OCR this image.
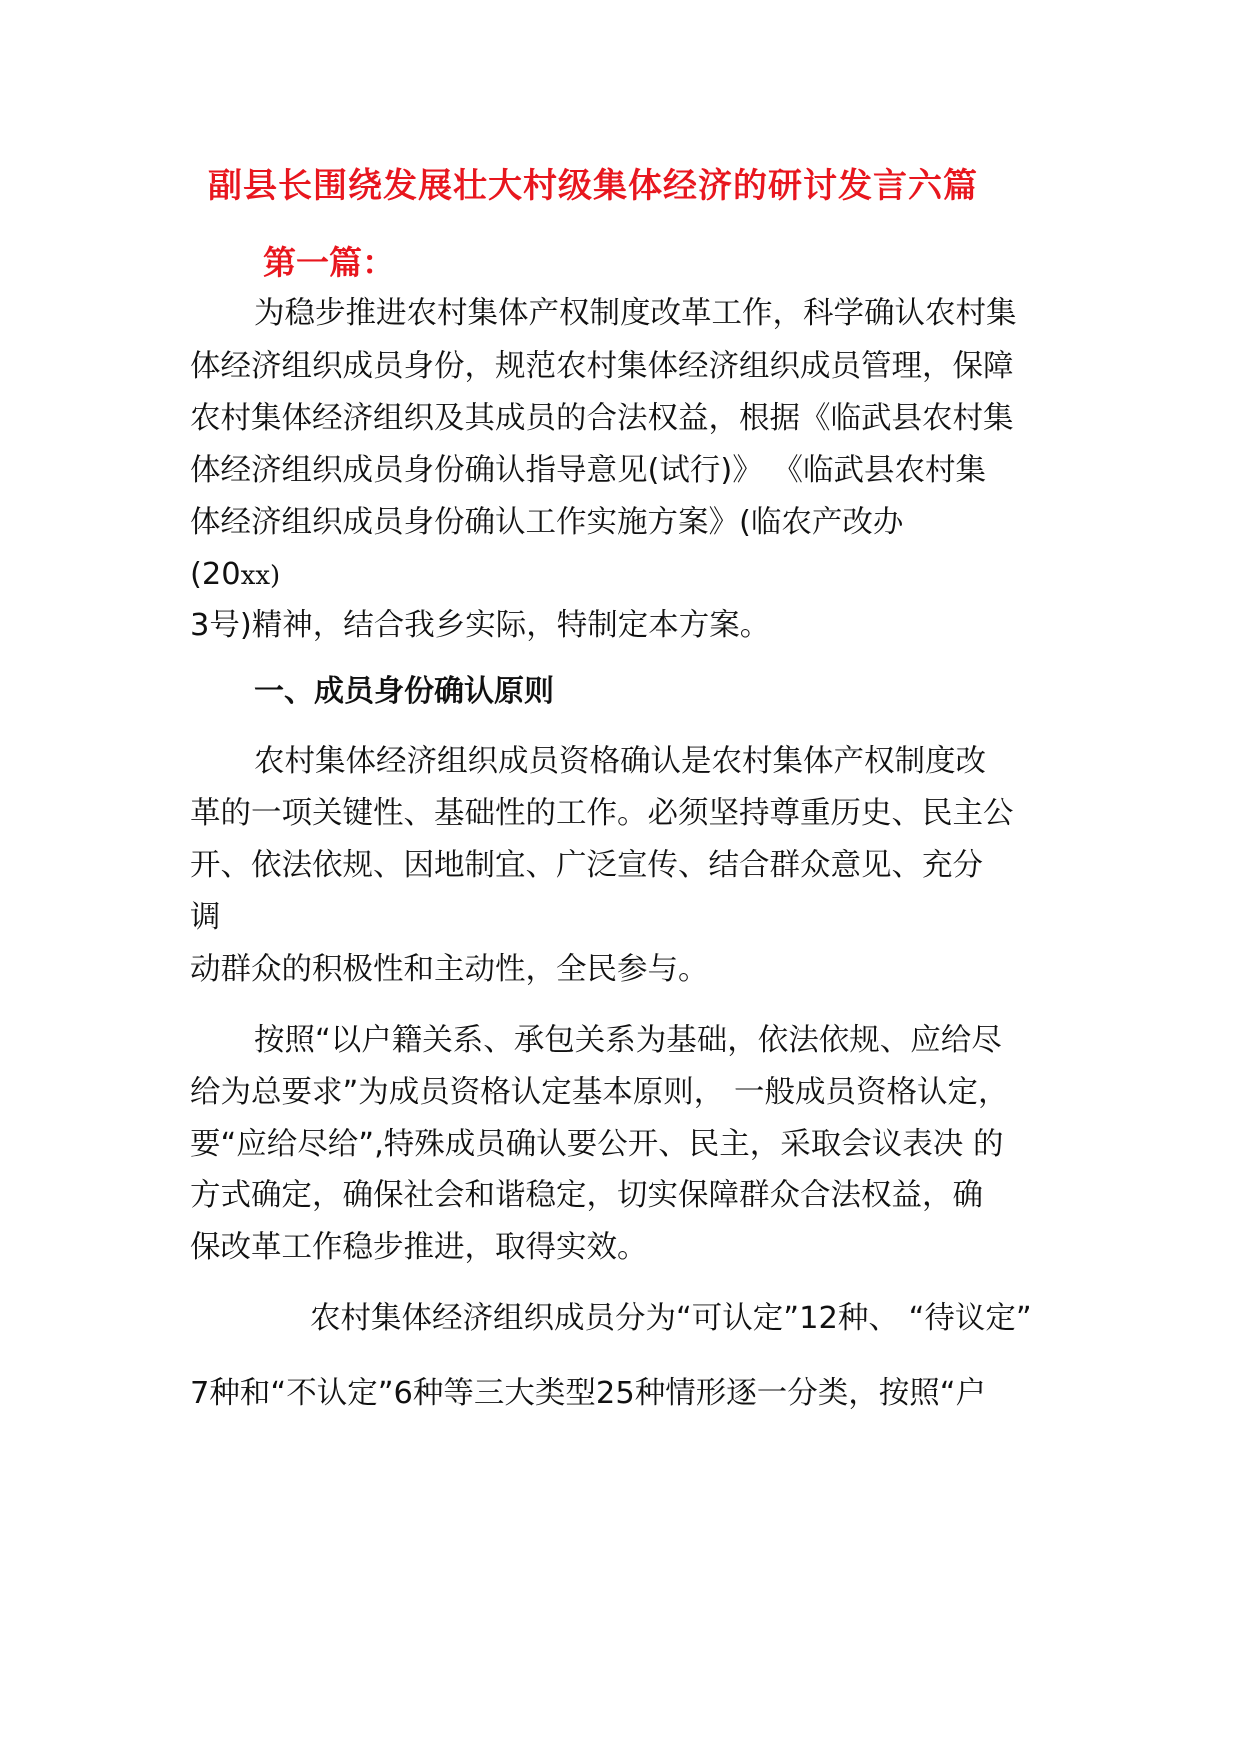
副县长围绕发展壮大村级集体经济的研讨发言六篇
第一篇：
为稳步推进农村集体产权制度改革工作，科学确认农村集
体经济组织成员身份，规范农村集体经济组织成员管理，保障
农村集体经济组织及其成员的合法权益，根据《临武县农村集
体经济组织成员身份确认指导意见(试行)》 《临武县农村集
体经济组织成员身份确认工作实施方案》(临农产改办
(20xx)
3号)精神，结合我乡实际，特制定本方案。
一、成员身份确认原则
农村集体经济组织成员资格确认是农村集体产权制度改
革的一项关键性、基础性的工作。必须坚持尊重历史、民主公
开、依法依规、因地制宜、广泛宣传、结合群众意见、充分
调
动群众的积极性和主动性，全民参与。
按照“以户籍关系、承包关系为基础，依法依规、应给尽
给为总要求”为成员资格认定基本原则， 一般成员资格认定，
要“应给尽给”,特殊成员确认要公开、民主，采取会议表决 的
方式确定，确保社会和谐稳定，切实保障群众合法权益，确
保改革工作稳步推进，取得实效。
农村集体经济组织成员分为“可认定”12种、 “待议定”
7种和“不认定”6种等三大类型25种情形逐一分类，按照“户
